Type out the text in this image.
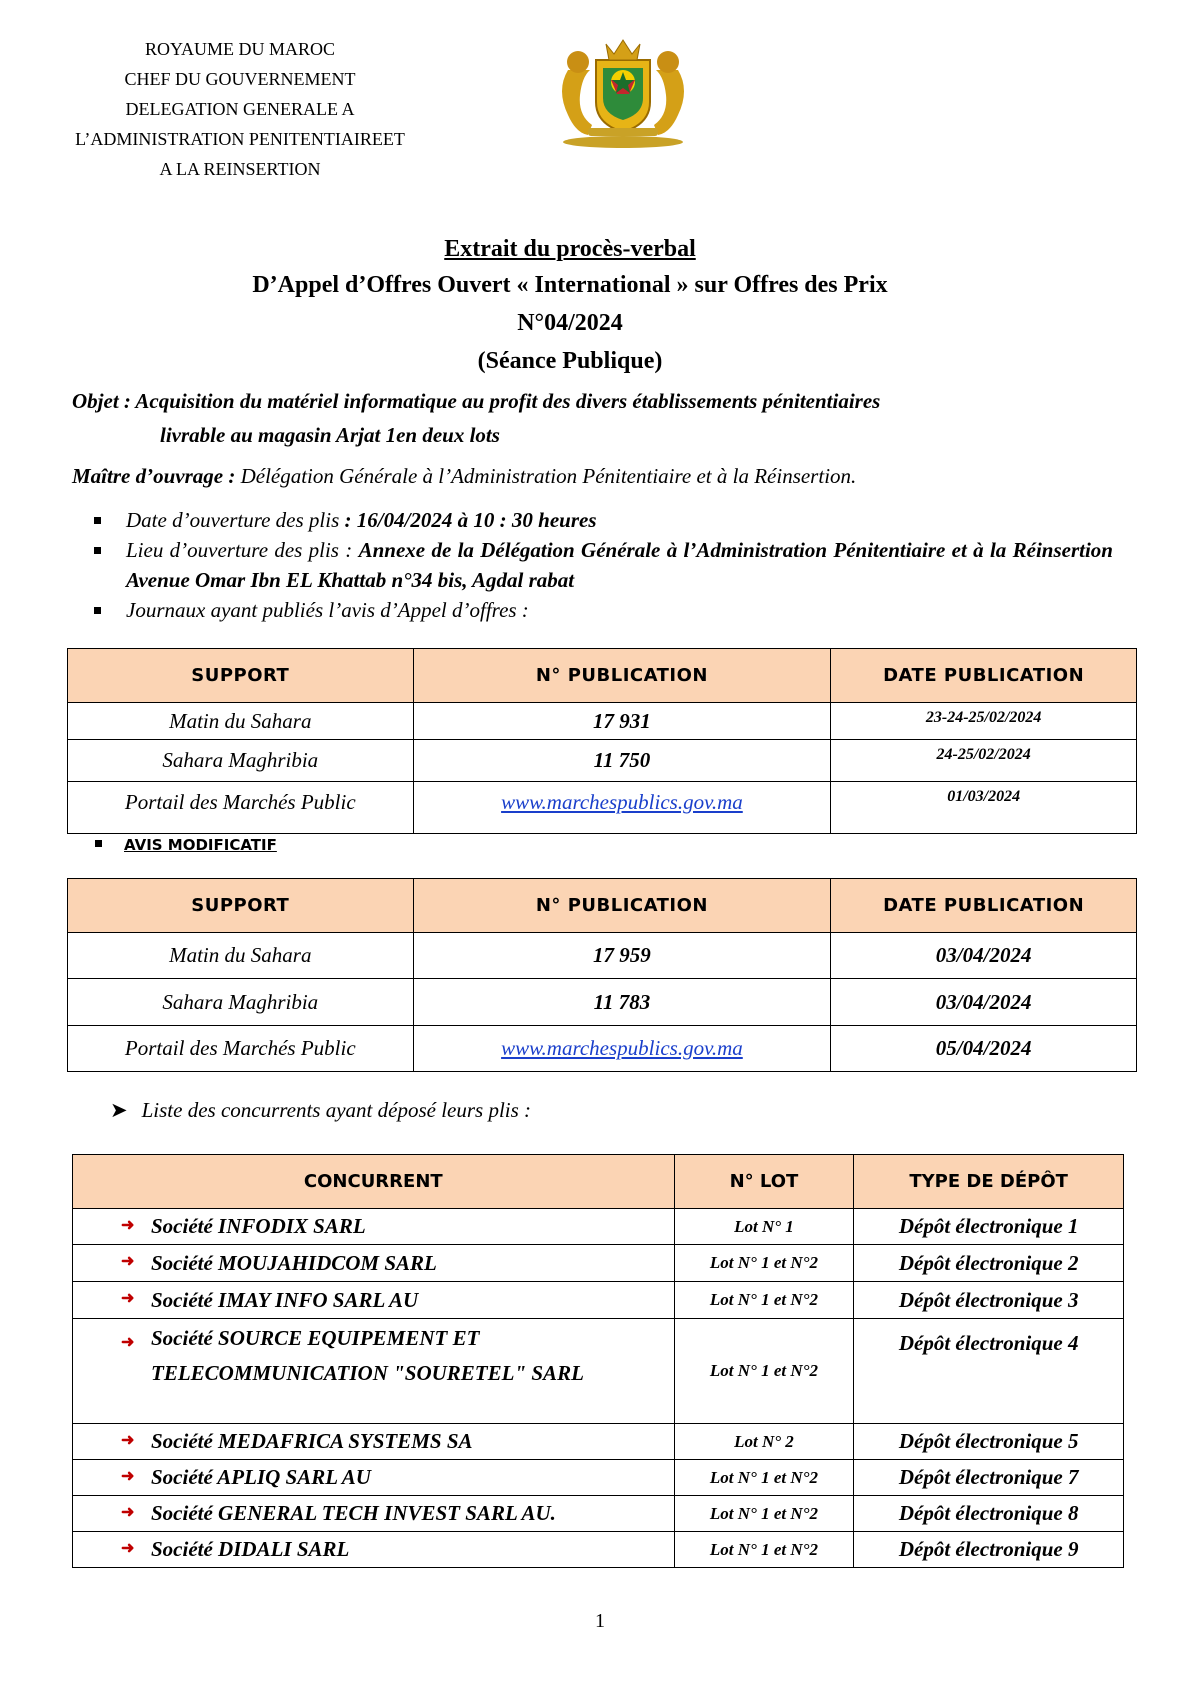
ROYAUME DU MAROC
CHEF DU GOUVERNEMENT
DELEGATION GENERALE A
L’ADMINISTRATION PENITENTIAIREET
A LA REINSERTION
Extrait du procès-verbal
D’Appel d’Offres Ouvert « International » sur Offres des Prix
N°04/2024
(Séance Publique)
Objet : Acquisition du matériel informatique au profit des divers établissements pénitentiaires
livrable au magasin Arjat 1en deux lots
Maître d’ouvrage : Délégation Générale à l’Administration Pénitentiaire et à la Réinsertion.
Date d’ouverture des plis : 16/04/2024 à 10 : 30 heures
Lieu d’ouverture des plis : Annexe de la Délégation Générale à l’Administration Pénitentiaire et à la Réinsertion Avenue Omar Ibn EL Khattab n°34 bis, Agdal rabat
Journaux ayant publiés l’avis d’Appel d’offres :
SUPPORT	N° PUBLICATION	DATE PUBLICATION
Matin du Sahara	17 931	23-24-25/02/2024
Sahara Maghribia	11 750	24-25/02/2024
Portail des Marchés Public	www.marchespublics.gov.ma	01/03/2024
AVIS MODIFICATIF
SUPPORT	N° PUBLICATION	DATE PUBLICATION
Matin du Sahara	17 959	03/04/2024
Sahara Maghribia	11 783	03/04/2024
Portail des Marchés Public	www.marchespublics.gov.ma	05/04/2024
➤ Liste des concurrents ayant déposé leurs plis :
CONCURRENT	N° LOT	TYPE DE DÉPÔT

➜ Société INFODIX SARL	Lot N° 1	Dépôt électronique 1

➜ Société MOUJAHIDCOM SARL	Lot N° 1 et N°2	Dépôt électronique 2

➜ Société IMAY INFO SARL AU	Lot N° 1 et N°2	Dépôt électronique 3

➜ Société SOURCE EQUIPEMENT ET TELECOMMUNICATION "SOURETEL" SARL	Lot N° 1 et N°2	Dépôt électronique 4

➜ Société MEDAFRICA SYSTEMS SA	Lot N° 2	Dépôt électronique 5

➜ Société APLIQ SARL AU	Lot N° 1 et N°2	Dépôt électronique 7

➜ Société GENERAL TECH INVEST SARL AU.	Lot N° 1 et N°2	Dépôt électronique 8

➜ Société DIDALI SARL	Lot N° 1 et N°2	Dépôt électronique 9
1
